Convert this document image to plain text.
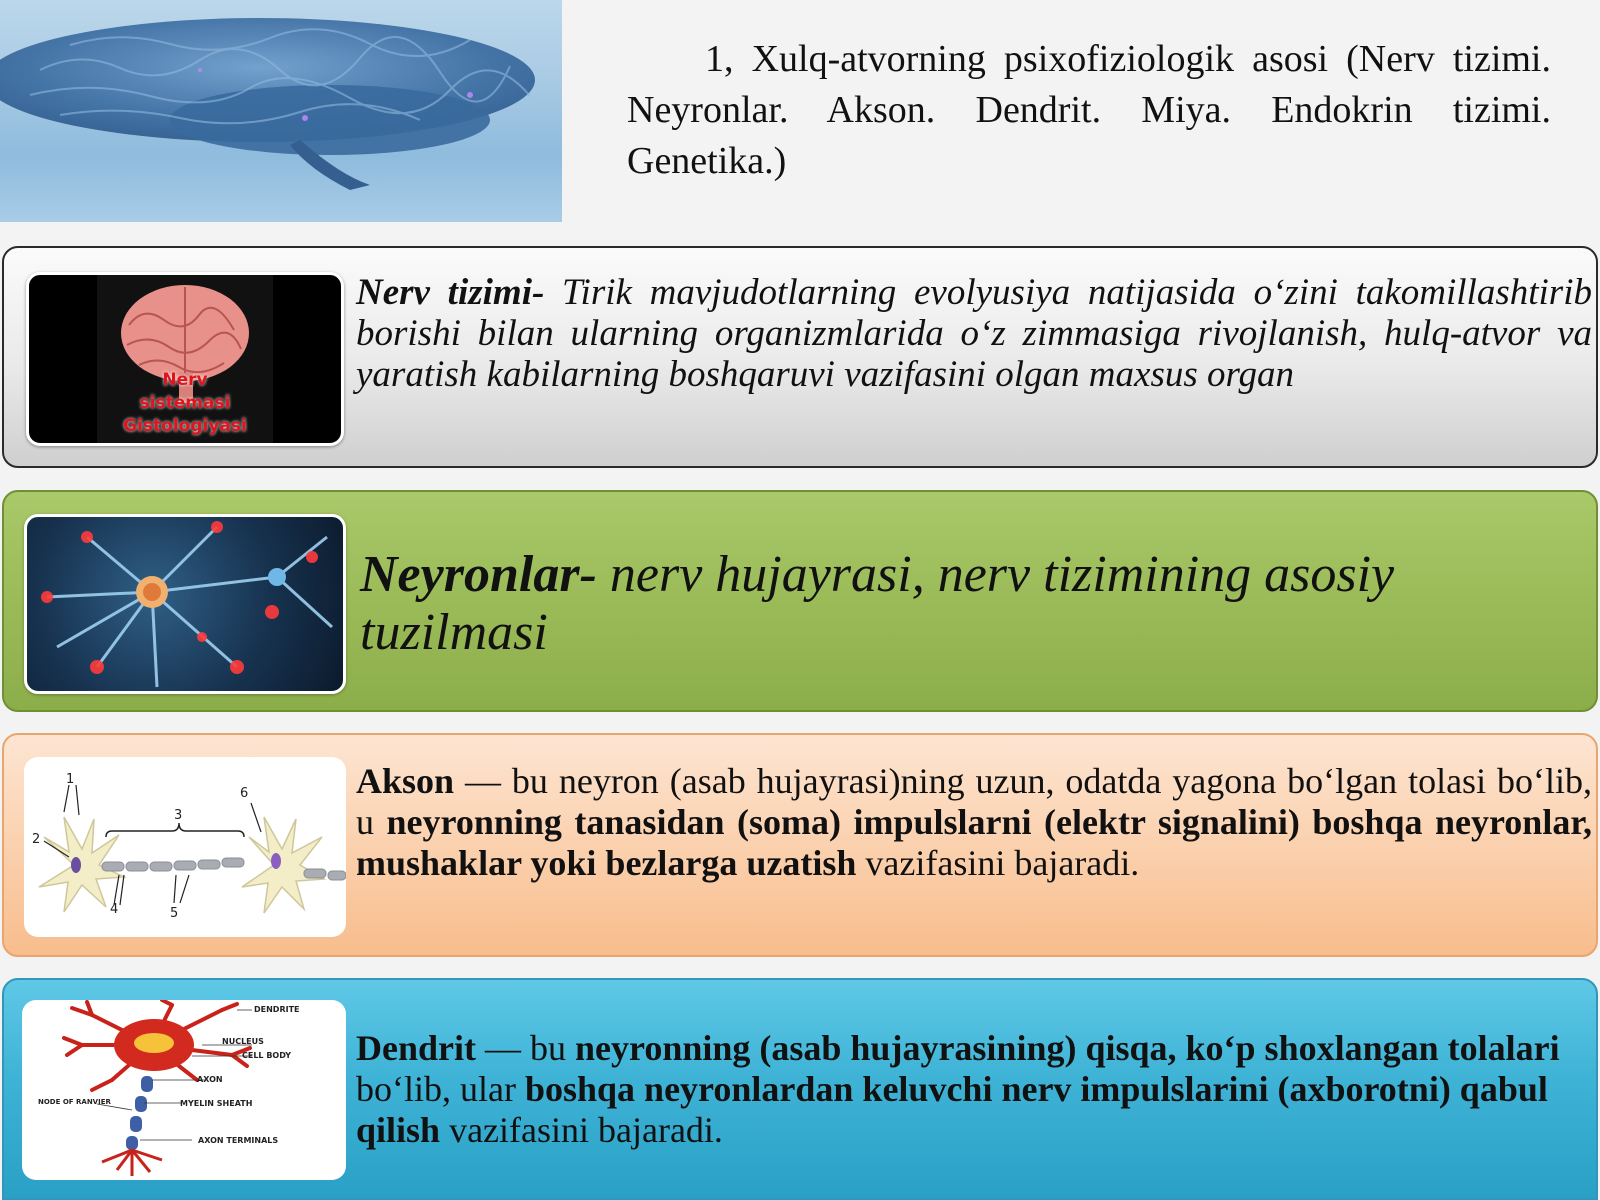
1, Xulq-atvorning psixofiziologik asosi (Nerv tizimi. Neyronlar. Akson. Dendrit. Miya. Endokrin tizimi. Genetika.)
Nerv
sistemasi
Gistologiyasi
Nerv tizimi- Tirik mavjudotlarning evolyusiya natijasida o‘zini takomillashtirib borishi bilan ularning organizmlarida o‘z zimmasiga rivojlanish, hulq-atvor va yaratish kabilarning boshqaruvi vazifasini olgan maxsus organ
Neyronlar- nerv hujayrasi, nerv tizimining asosiy tuzilmasi
1
2
3
4	5
6	Akson — bu neyron (asab hujayrasi)ning uzun, odatda yagona bo‘lgan tolasi bo‘lib, u neyronning tanasidan (soma) impulslarni (elektr signalini) boshqa neyronlar, mushaklar yoki bezlarga uzatish vazifasini bajaradi.
DENDRITE
NUCLEUS
CELL BODY
AXON
MYELIN SHEATH
AXON TERMINALS
NODE OF RANVIER
Dendrit — bu neyronning (asab hujayrasining) qisqa, ko‘p shoxlangan tolalari bo‘lib, ular boshqa neyronlardan keluvchi nerv impulslarini (axborotni) qabul qilish vazifasini bajaradi.
